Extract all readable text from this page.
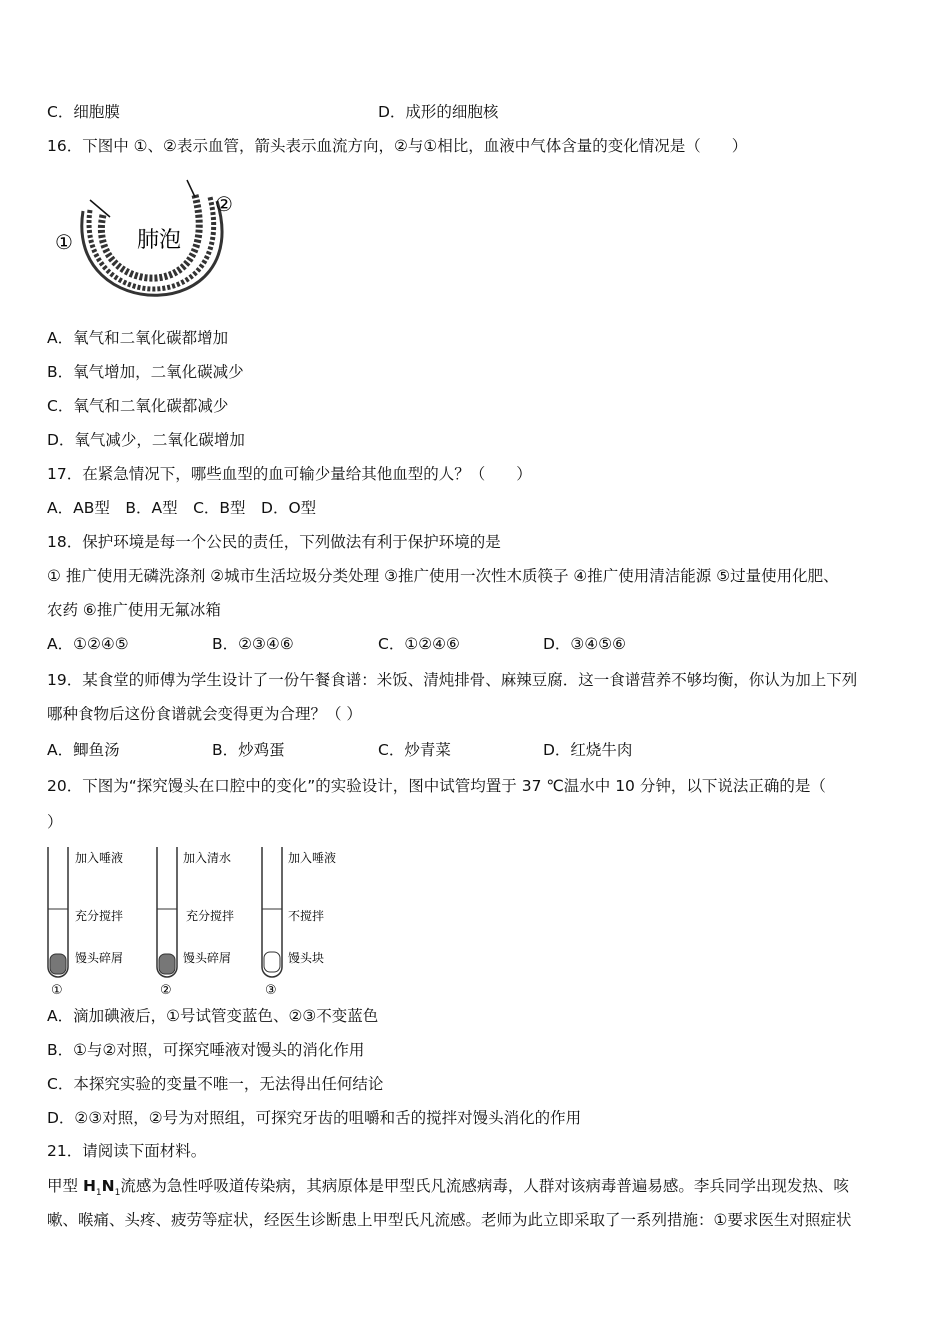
C．细胞膜	D．成形的细胞核
16．下图中 ①、②表示血管，箭头表示血流方向，②与①相比，血液中气体含量的变化情况是（　　）
肺泡
①
②
A．氧气和二氧化碳都增加
B．氧气增加，二氧化碳减少
C．氧气和二氧化碳都减少
D．氧气减少，二氧化碳增加
17．在紧急情况下，哪些血型的血可输少量给其他血型的人？（　　）
A．AB型　B．A型　C．B型　D．O型
18．保护环境是每一个公民的责任，下列做法有利于保护环境的是
① 推广使用无磷洗涤剂 ②城市生活垃圾分类处理 ③推广使用一次性木质筷子 ④推广使用清洁能源 ⑤过量使用化肥、
农药 ⑥推广使用无氟冰箱
A．①②④⑤	B．②③④⑥	C．①②④⑥	D．③④⑤⑥
19．某食堂的师傅为学生设计了一份午餐食谱：米饭、清炖排骨、麻辣豆腐．这一食谱营养不够均衡，你认为加上下列
哪种食物后这份食谱就会变得更为合理？（ ）
A．鲫鱼汤	B．炒鸡蛋	C．炒青菜	D．红烧牛肉
20．下图为“探究馒头在口腔中的变化”的实验设计，图中试管均置于 37 ℃温水中 10 分钟，以下说法正确的是（
）
加入唾液
充分搅拌
馒头碎屑
①
加入清水
充分搅拌
馒头碎屑
②
加入唾液
不搅拌
馒头块
③
A．滴加碘液后，①号试管变蓝色、②③不变蓝色
B．①与②对照，可探究唾液对馒头的消化作用
C．本探究实验的变量不唯一，无法得出任何结论
D．②③对照，②号为对照组，可探究牙齿的咀嚼和舌的搅拌对馒头消化的作用
21．请阅读下面材料。
甲型 $H_1N_1$流感为急性呼吸道传染病，其病原体是甲型氏凡流感病毒，人群对该病毒普遍易感。李兵同学出现发热、咳
嗽、喉痛、头疼、疲劳等症状，经医生诊断患上甲型氏凡流感。老师为此立即采取了一系列措施：①要求医生对照症状
